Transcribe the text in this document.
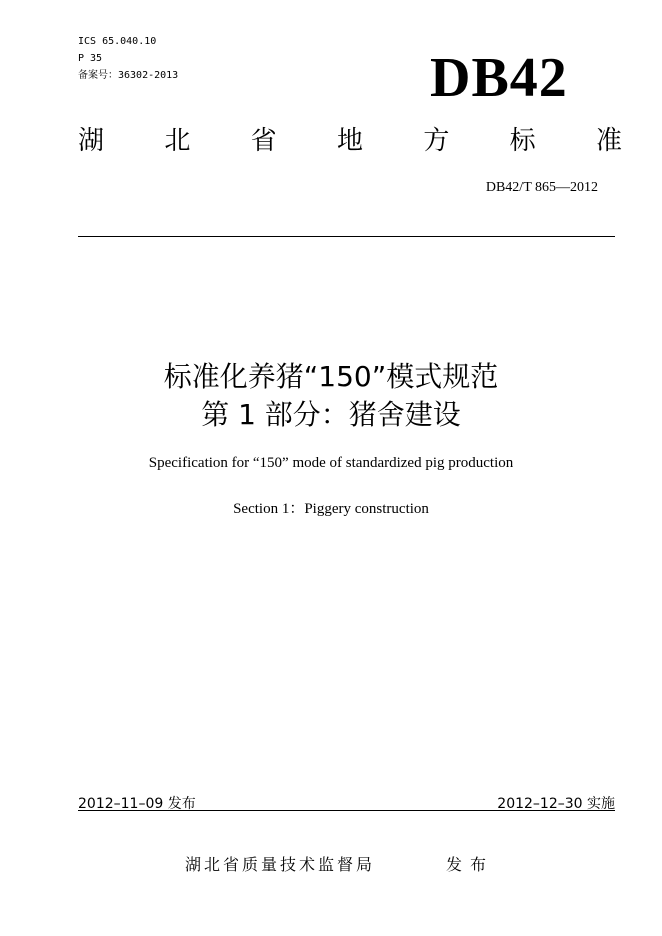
ICS 65.040.10
P 35
备案号：36302-2013	DB42
湖 北 省 地 方 标 准
DB42/T 865—2012
标准化养猪“150”模式规范
第 1 部分：猪舍建设
Specification for “150” mode of standardized pig production
Section 1：Piggery construction
2012–11–09 发布	2012–12–30 实施
湖北省质量技术监督局	发布
